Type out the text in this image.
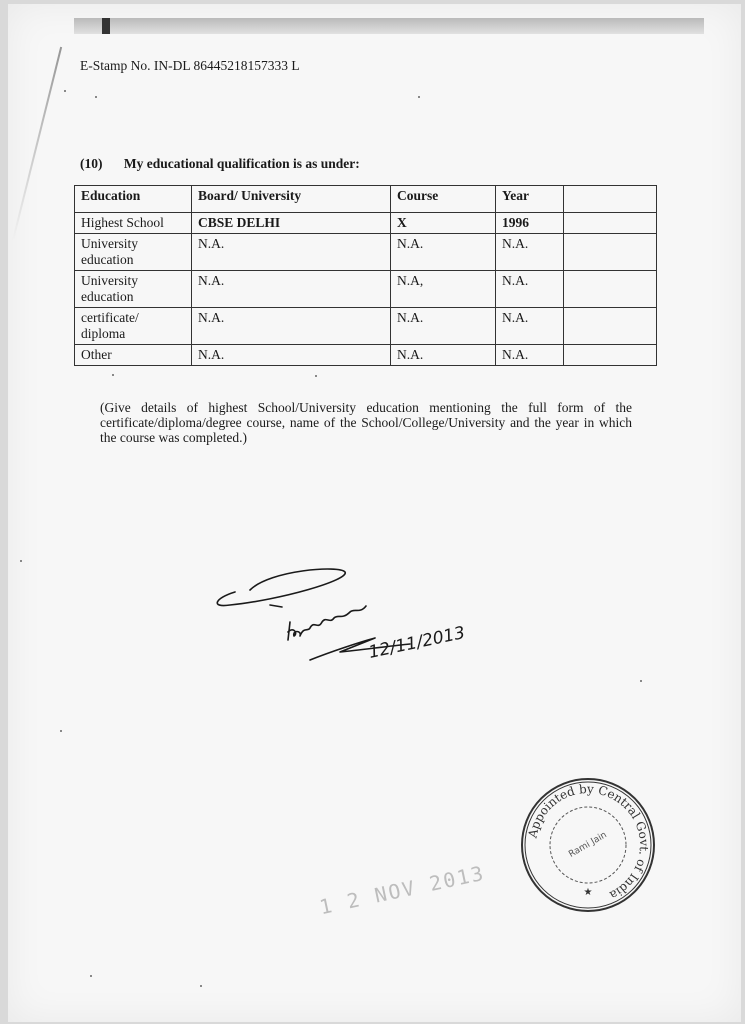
E-Stamp No. IN-DL 86445218157333 L
(10) My educational qualification is as under:
Education	Board/ University	Course	Year	
Highest School	CBSE DELHI	X	1996	
University education	N.A.	N.A.	N.A.	
University education	N.A.	N.A,	N.A.	
certificate/ diploma	N.A.	N.A.	N.A.	
Other	N.A.	N.A.	N.A.	
(Give details of highest School/University education mentioning the full form of the certificate/diploma/degree course, name of the School/College/University and the year in which the course was completed.)
12/11/2013
Appointed by Central Govt. of India
Rami Jain
★
1 2 NOV 2013
